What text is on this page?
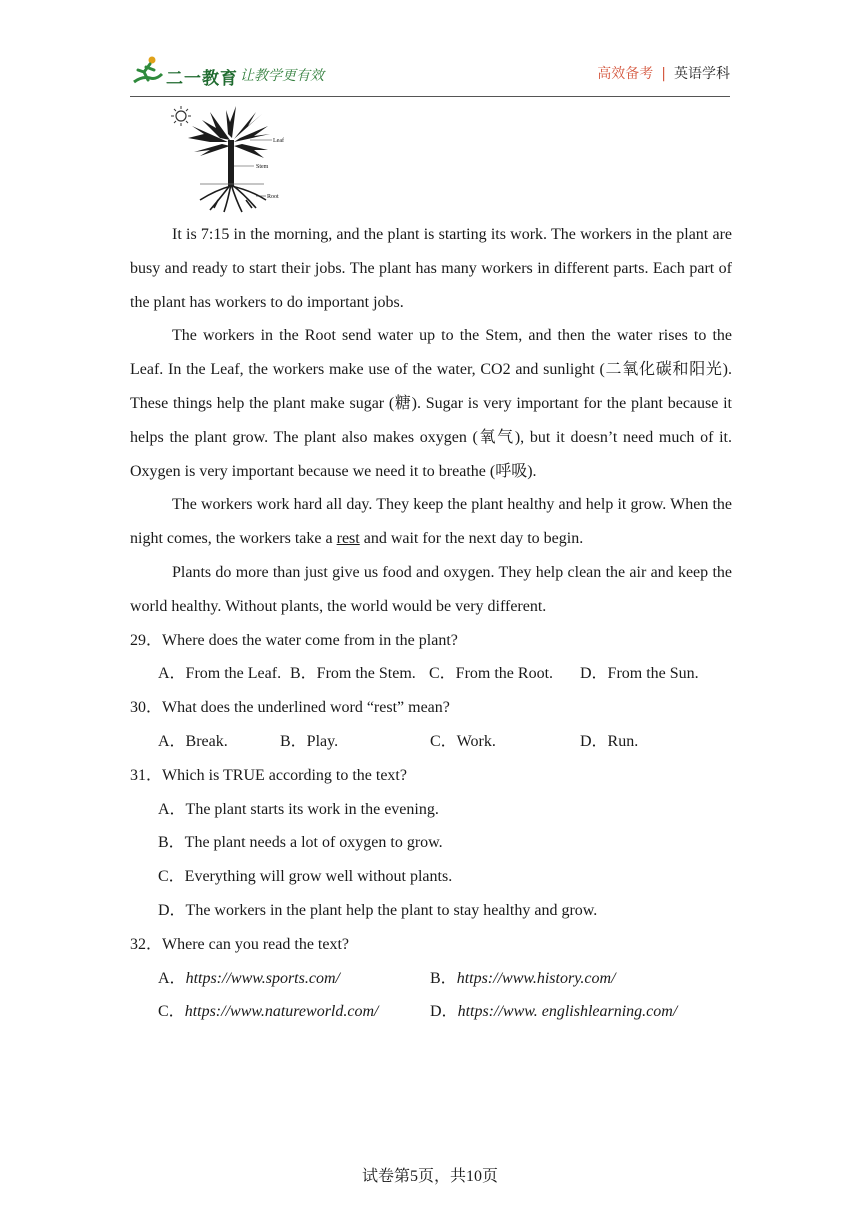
二一教育 让教学更有效	高效备考 | 英语学科
Leaf
Stem
Root

It is 7:15 in the morning, and the plant is starting its work. The workers in the plant are busy and ready to start their jobs. The plant has many workers in different parts. Each part of the plant has workers to do important jobs.

The workers in the Root send water up to the Stem, and then the water rises to the Leaf. In the Leaf, the workers make use of the water, CO2 and sunlight (二氧化碳和阳光). These things help the plant make sugar (糖). Sugar is very important for the plant because it helps the plant grow. The plant also makes oxygen (氧气), but it doesn’t need much of it. Oxygen is very important because we need it to breathe (呼吸).

The workers work hard all day. They keep the plant healthy and help it grow. When the night comes, the workers take a rest and wait for the next day to begin.

Plants do more than just give us food and oxygen. They help clean the air and keep the world healthy. Without plants, the world would be very different.

29．Where does the water come from in the plant?

A．From the Leaf. B．From the Stem. C．From the Root. D．From the Sun.

30．What does the underlined word “rest” mean?

A．Break.	B．Play.	C．Work.	D．Run.

31．Which is TRUE according to the text?

A．The plant starts its work in the evening.

B．The plant needs a lot of oxygen to grow.

C．Everything will grow well without plants.

D．The workers in the plant help the plant to stay healthy and grow.

32．Where can you read the text?

A．https://www.sports.com/	B．https://www.history.com/
C．https://www.natureworld.com/	D．https://www. englishlearning.com/
试卷第5页，共10页
